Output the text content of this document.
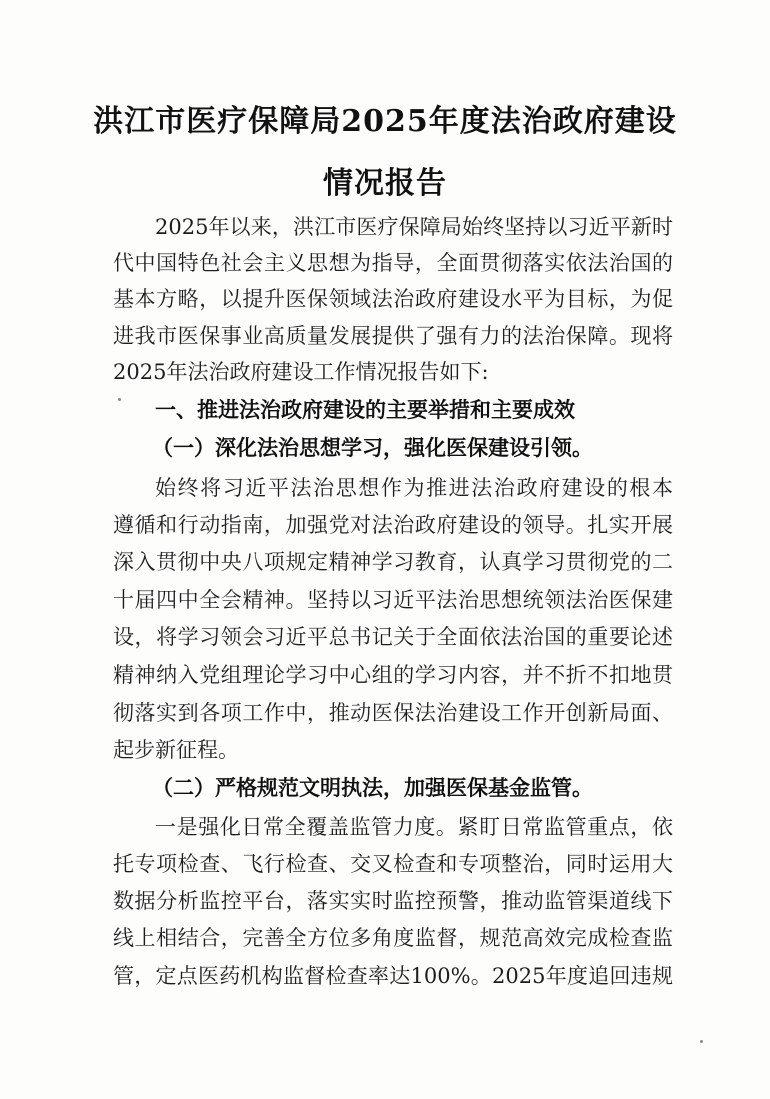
洪江市医疗保障局2025年度法治政府建设
情况报告
2025年以来，洪江市医疗保障局始终坚持以习近平新时
代中国特色社会主义思想为指导，全面贯彻落实依法治国的
基本方略，以提升医保领域法治政府建设水平为目标，为促
进我市医保事业高质量发展提供了强有力的法治保障。现将
2025年法治政府建设工作情况报告如下:
一、推进法治政府建设的主要举措和主要成效
（一）深化法治思想学习，强化医保建设引领。
始终将习近平法治思想作为推进法治政府建设的根本
遵循和行动指南，加强党对法治政府建设的领导。扎实开展
深入贯彻中央八项规定精神学习教育，认真学习贯彻党的二
十届四中全会精神。坚持以习近平法治思想统领法治医保建
设，将学习领会习近平总书记关于全面依法治国的重要论述
精神纳入党组理论学习中心组的学习内容，并不折不扣地贯
彻落实到各项工作中，推动医保法治建设工作开创新局面、
起步新征程。
（二）严格规范文明执法，加强医保基金监管。
一是强化日常全覆盖监管力度。紧盯日常监管重点，依
托专项检查、飞行检查、交叉检查和专项整治，同时运用大
数据分析监控平台，落实实时监控预警，推动监管渠道线下
线上相结合，完善全方位多角度监督，规范高效完成检查监
管，定点医药机构监督检查率达100%。2025年度追回违规
